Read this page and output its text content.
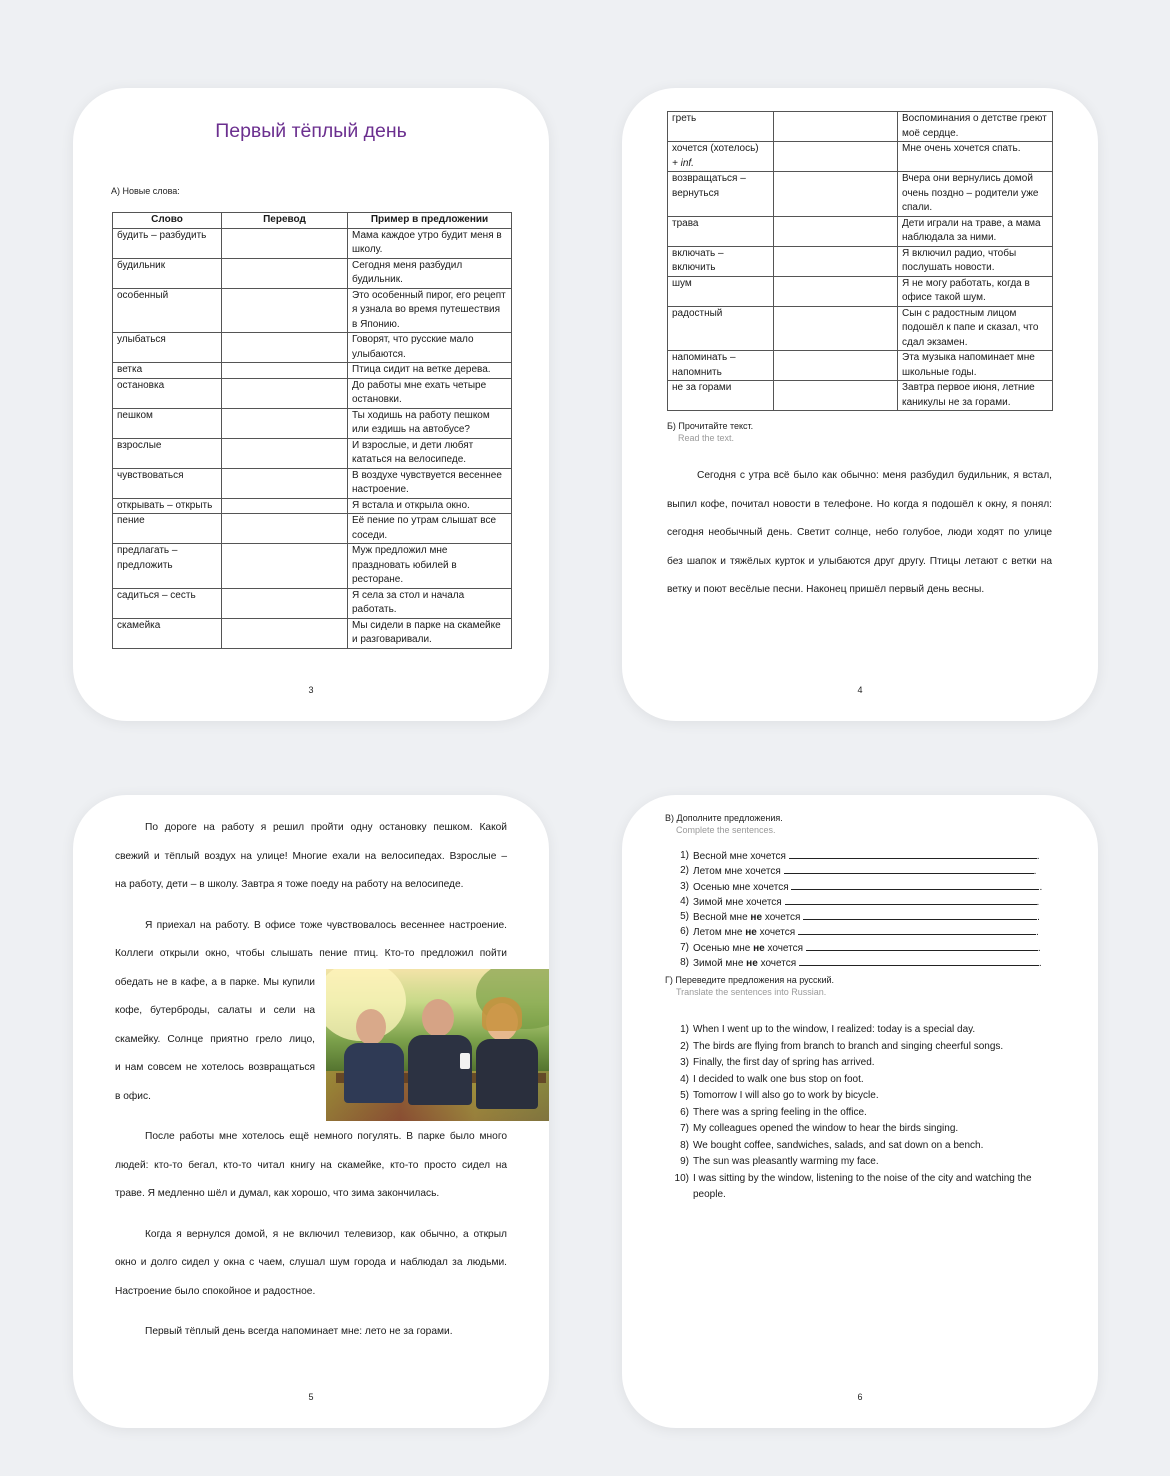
Первый тёплый день
А) Новые слова:
Слово	Перевод	Пример в предложении
будить – разбудить		Мама каждое утро будит меня в школу.
будильник		Сегодня меня разбудил будильник.
особенный		Это особенный пирог, его рецепт я узнала во время путешествия в Японию.
улыбаться		Говорят, что русские мало улыбаются.
ветка		Птица сидит на ветке дерева.
остановка		До работы мне ехать четыре остановки.
пешком		Ты ходишь на работу пешком или ездишь на автобусе?
взрослые		И взрослые, и дети любят кататься на велосипеде.
чувствоваться		В воздухе чувствуется весеннее настроение.
открывать – открыть		Я встала и открыла окно.
пение		Её пение по утрам слышат все соседи.
предлагать – предложить		Муж предложил мне праздновать юбилей в ресторане.
садиться – сесть		Я села за стол и начала работать.
скамейка		Мы сидели в парке на скамейке и разговаривали.
3
греть		Воспоминания о детстве греют моё сердце.
хочется (хотелось)
+ inf.		Мне очень хочется спать.
возвращаться – вернуться		Вчера они вернулись домой очень поздно – родители уже спали.
трава		Дети играли на траве, а мама наблюдала за ними.
включать – включить		Я включил радио, чтобы послушать новости.
шум		Я не могу работать, когда в офисе такой шум.
радостный		Сын с радостным лицом подошёл к папе и сказал, что сдал экзамен.
напоминать – напомнить		Эта музыка напоминает мне школьные годы.
не за горами		Завтра первое июня, летние каникулы не за горами.
Б) Прочитайте текст.
Read the text.

Сегодня с утра всё было как обычно: меня разбудил будильник, я встал,

выпил кофе, почитал новости в телефоне. Но когда я подошёл к окну, я понял:

сегодня необычный день. Светит солнце, небо голубое, люди ходят по улице

без шапок и тяжёлых курток и улыбаются друг другу. Птицы летают с ветки на

ветку и поют весёлые песни. Наконец пришёл первый день весны.

4

По дороге на работу я решил пройти одну остановку пешком. Какой

свежий и тёплый воздух на улице! Многие ехали на велосипедах. Взрослые –

на работу, дети – в школу. Завтра я тоже поеду на работу на велосипеде.

Я приехал на работу. В офисе тоже чувствовалось весеннее настроение.

Коллеги открыли окно, чтобы слышать пение птиц. Кто-то предложил пойти

обедать не в кафе, а в парке. Мы купили

кофе, бутерброды, салаты и сели на

скамейку. Солнце приятно грело лицо,

и нам совсем не хотелось возвращаться

в офис.

После работы мне хотелось ещё немного погулять. В парке было много

людей: кто-то бегал, кто-то читал книгу на скамейке, кто-то просто сидел на

траве. Я медленно шёл и думал, как хорошо, что зима закончилась.

Когда я вернулся домой, я не включил телевизор, как обычно, а открыл

окно и долго сидел у окна с чаем, слушал шум города и наблюдал за людьми.

Настроение было спокойное и радостное.

Первый тёплый день всегда напоминает мне: лето не за горами.

5
В) Дополните предложения.
Complete the sentences.
1) Весной мне хочется	.
2) Летом мне хочется	.
3) Осенью мне хочется	.
4) Зимой мне хочется	.
5) Весной мне не хочется	.
6) Летом мне не хочется	.
7) Осенью мне не хочется	.
8) Зимой мне не хочется	.
Г) Переведите предложения на русский.
Translate the sentences into Russian.
1) When I went up to the window, I realized: today is a special day.
2) The birds are flying from branch to branch and singing cheerful songs.
3) Finally, the first day of spring has arrived.
4) I decided to walk one bus stop on foot.
5) Tomorrow I will also go to work by bicycle.
6) There was a spring feeling in the office.
7) My colleagues opened the window to hear the birds singing.
8) We bought coffee, sandwiches, salads, and sat down on a bench.
9) The sun was pleasantly warming my face.
10) I was sitting by the window, listening to the noise of the city and watching the people.
6
